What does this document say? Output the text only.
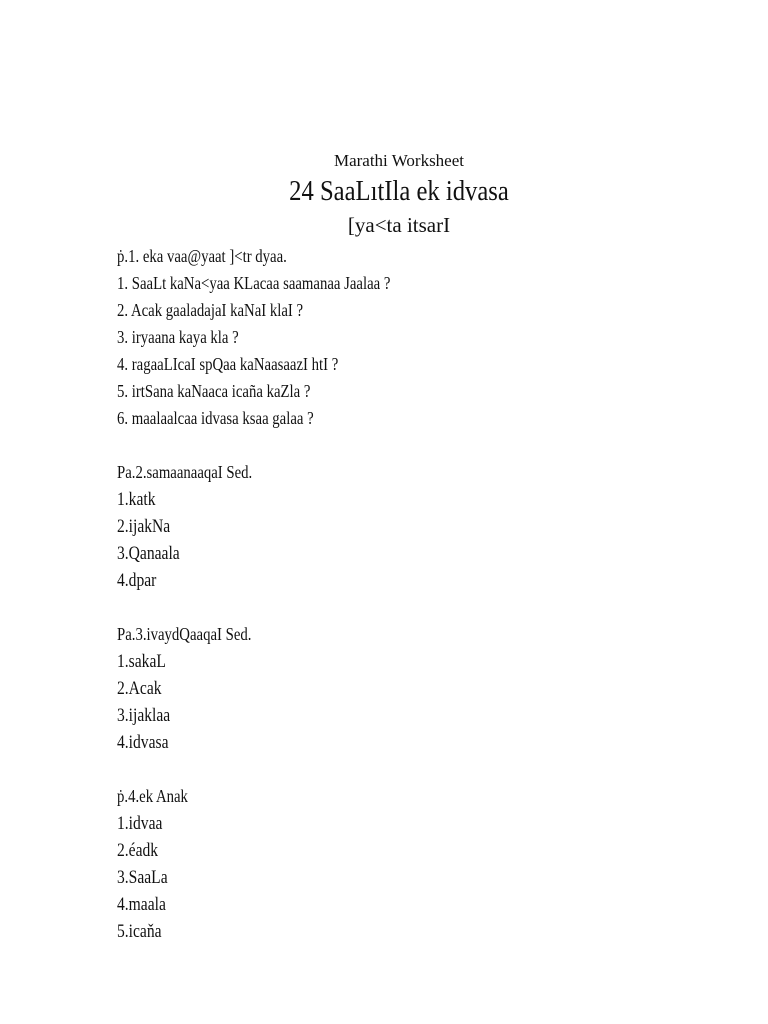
Marathi Worksheet
24 SaaLıtIla ek idvasa
[ya<ta itsarI
ṗ.1. eka vaa@yaat ]<tr dyaa.
1. SaaLt kaNa<yaa KLacaa saamanaa Jaalaa ?
2. Acak gaaladajaI kaNaI klaI ?
3. iryaana kaya kla ?
4. ragaaLIcaI spQaa kaNaasaazI htI ?
5. irtSana kaNaaca icaña kaZla ?
6. maalaalcaa idvasa ksaa galaa ?
Pa.2.samaanaaqaI Sed.
1.katk
2.ijakNa
3.Qanaala
4.dpar
Pa.3.ivaydQaaqaI Sed.
1.sakaL
2.Acak
3.ijaklaa
4.idvasa
ṗ.4.ek Anak
1.idvaa
2.éadk
3.SaaLa
4.maala
5.icaňa
